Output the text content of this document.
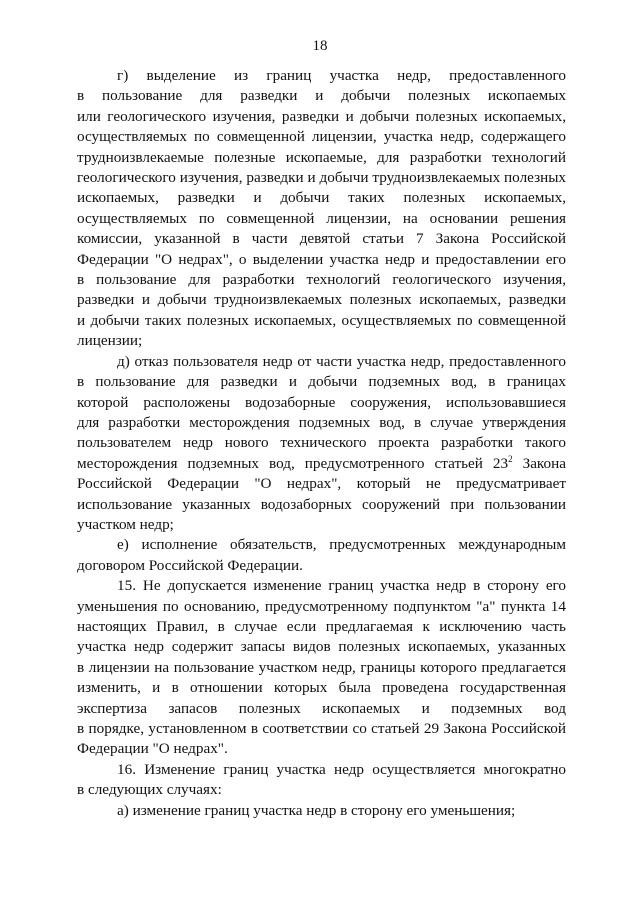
18
г) выделение из границ участка недр, предоставленного
в пользование для разведки и добычи полезных ископаемых
или геологического изучения, разведки и добычи полезных ископаемых,
осуществляемых по совмещенной лицензии, участка недр, содержащего
трудноизвлекаемые полезные ископаемые, для разработки технологий
геологического изучения, разведки и добычи трудноизвлекаемых полезных
ископаемых, разведки и добычи таких полезных ископаемых,
осуществляемых по совмещенной лицензии, на основании решения
комиссии, указанной в части девятой статьи 7 Закона Российской
Федерации "О недрах", о выделении участка недр и предоставлении его
в пользование для разработки технологий геологического изучения,
разведки и добычи трудноизвлекаемых полезных ископаемых, разведки
и добычи таких полезных ископаемых, осуществляемых по совмещенной
лицензии;
д) отказ пользователя недр от части участка недр, предоставленного
в пользование для разведки и добычи подземных вод, в границах
которой расположены водозаборные сооружения, использовавшиеся
для разработки месторождения подземных вод, в случае утверждения
пользователем недр нового технического проекта разработки такого
месторождения подземных вод, предусмотренного статьей $23^2$ Закона
Российской Федерации "О недрах", который не предусматривает
использование указанных водозаборных сооружений при пользовании
участком недр;
е) исполнение обязательств, предусмотренных международным
договором Российской Федерации.
15. Не допускается изменение границ участка недр в сторону его
уменьшения по основанию, предусмотренному подпунктом "а" пункта 14
настоящих Правил, в случае если предлагаемая к исключению часть
участка недр содержит запасы видов полезных ископаемых, указанных
в лицензии на пользование участком недр, границы которого предлагается
изменить, и в отношении которых была проведена государственная
экспертиза запасов полезных ископаемых и подземных вод
в порядке, установленном в соответствии со статьей 29 Закона Российской
Федерации "О недрах".
16. Изменение границ участка недр осуществляется многократно
в следующих случаях:
а) изменение границ участка недр в сторону его уменьшения;
